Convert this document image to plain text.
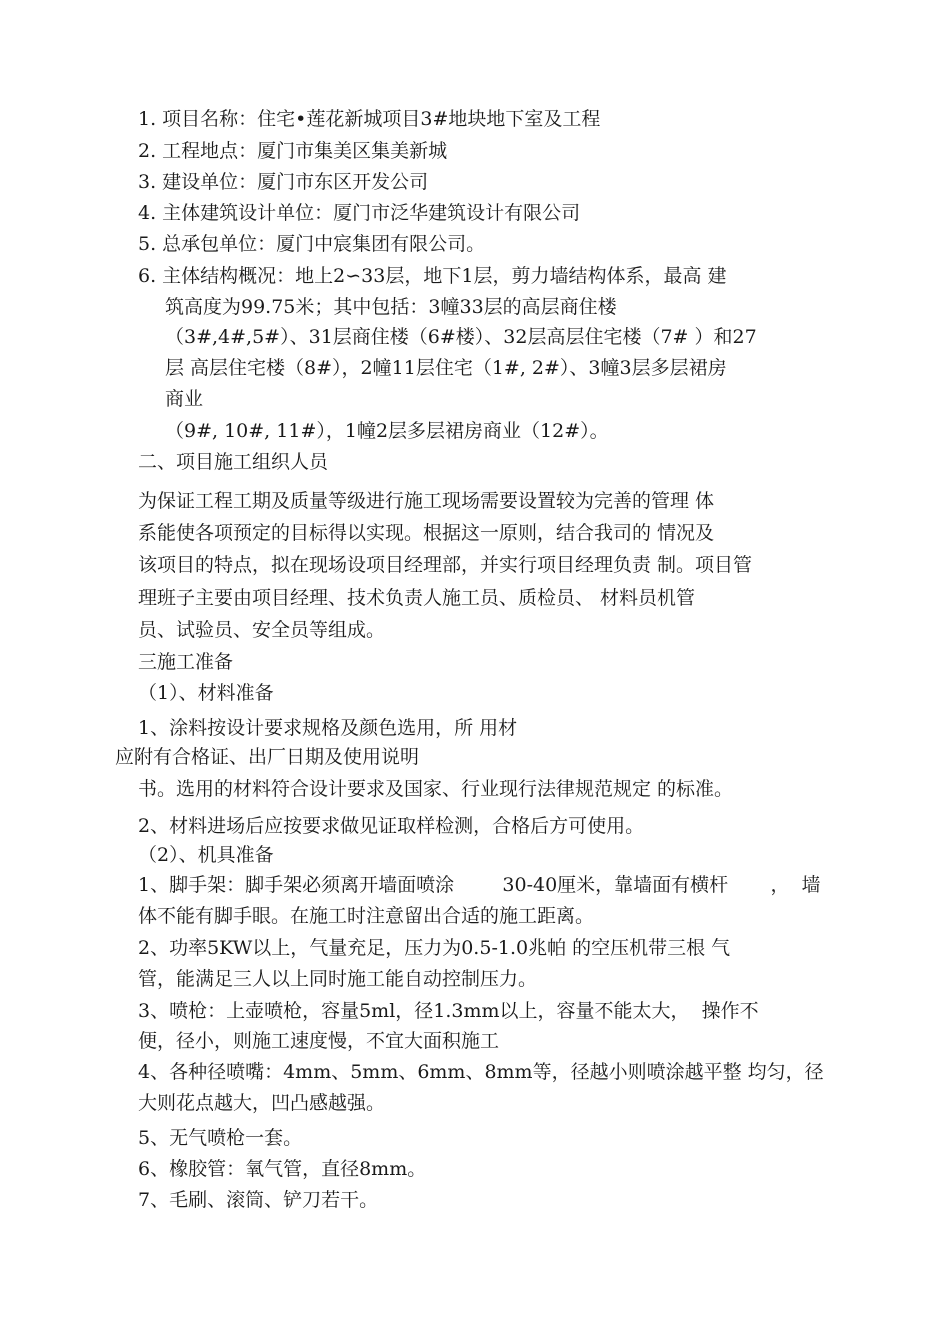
1. 项目名称：住宅•莲花新城项目3#地块地下室及工程
2. 工程地点：厦门市集美区集美新城
3. 建设单位：厦门市东区开发公司
4. 主体建筑设计单位：厦门市泛华建筑设计有限公司
5. 总承包单位：厦门中宸集团有限公司。
6. 主体结构概况：地上2∽33层，地下1层，剪力墙结构体系，最高 建
筑高度为99.75米；其中包括：3幢33层的高层商住楼
（3#,4#,5#）、31层商住楼（6#楼）、32层高层住宅楼（7# ）和27
层 高层住宅楼（8#），2幢11层住宅（1#, 2#）、3幢3层多层裙房
商业
（9#, 10#, 11#），1幢2层多层裙房商业（12#）。
二、项目施工组织人员
为保证工程工期及质量等级进行施工现场需要设置较为完善的管理 体
系能使各项预定的目标得以实现。根据这一原则，结合我司的 情况及
该项目的特点，拟在现场设项目经理部，并实行项目经理负责 制。项目管
理班子主要由项目经理、技术负责人施工员、质检员、 材料员机管
员、试验员、安全员等组成。
三施工准备
（1）、材料准备
1、涂料按设计要求规格及颜色选用，所 用材
应附有合格证、出厂日期及使用说明
书。选用的材料符合设计要求及国家、行业现行法律规范规定 的标准。
2、材料进场后应按要求做见证取样检测，合格后方可使用。
（2）、机具准备
1、脚手架：脚手架必须离开墙面喷涂        30-40厘米，靠墙面有横杆       ，  墙
体不能有脚手眼。在施工时注意留出合适的施工距离。
2、功率5KW以上，气量充足，压力为0.5-1.0兆帕 的空压机带三根 气
管，能满足三人以上同时施工能自动控制压力。
3、喷枪：上壶喷枪，容量5ml，径1.3mm以上，容量不能太大，  操作不
便，径小，则施工速度慢，不宜大面积施工
4、各种径喷嘴：4mm、5mm、6mm、8mm等，径越小则喷涂越平整 均匀，径
大则花点越大，凹凸感越强。
5、无气喷枪一套。
6、橡胶管：氧气管，直径8mm。
7、毛刷、滚筒、铲刀若干。
